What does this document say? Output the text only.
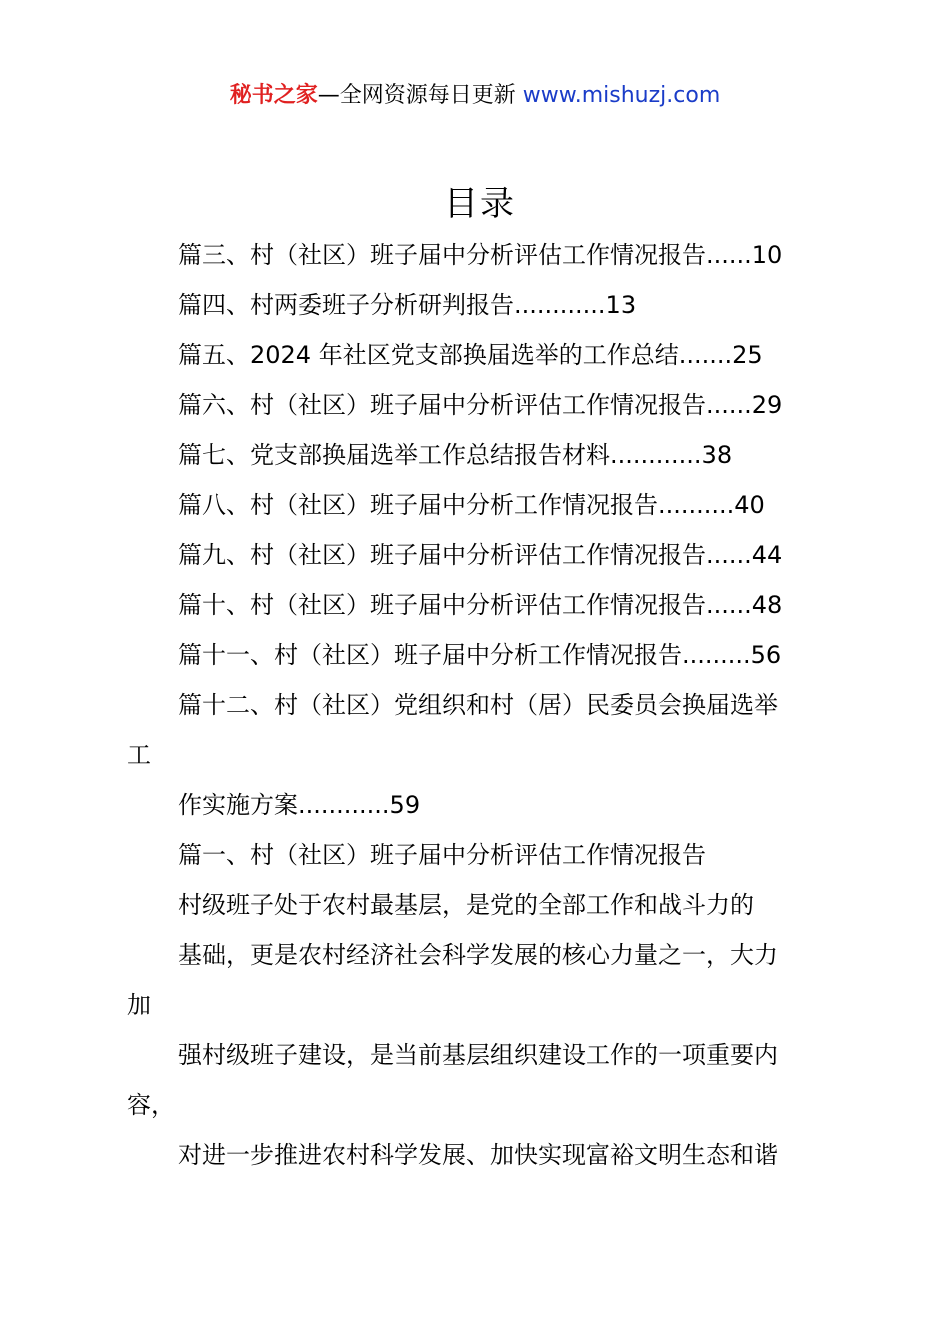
秘书之家—全网资源每日更新 www.mishuzj.com
目录
篇三、村（社区）班子届中分析评估工作情况报告......10
篇四、村两委班子分析研判报告............13
篇五、2024 年社区党支部换届选举的工作总结.......25
篇六、村（社区）班子届中分析评估工作情况报告......29
篇七、党支部换届选举工作总结报告材料............38
篇八、村（社区）班子届中分析工作情况报告..........40
篇九、村（社区）班子届中分析评估工作情况报告......44
篇十、村（社区）班子届中分析评估工作情况报告......48
篇十一、村（社区）班子届中分析工作情况报告.........56
篇十二、村（社区）党组织和村（居）民委员会换届选举
工
作实施方案............59
篇一、村（社区）班子届中分析评估工作情况报告
村级班子处于农村最基层，是党的全部工作和战斗力的
基础，更是农村经济社会科学发展的核心力量之一，大力
加
强村级班子建设，是当前基层组织建设工作的一项重要内
容，
对进一步推进农村科学发展、加快实现富裕文明生态和谐
